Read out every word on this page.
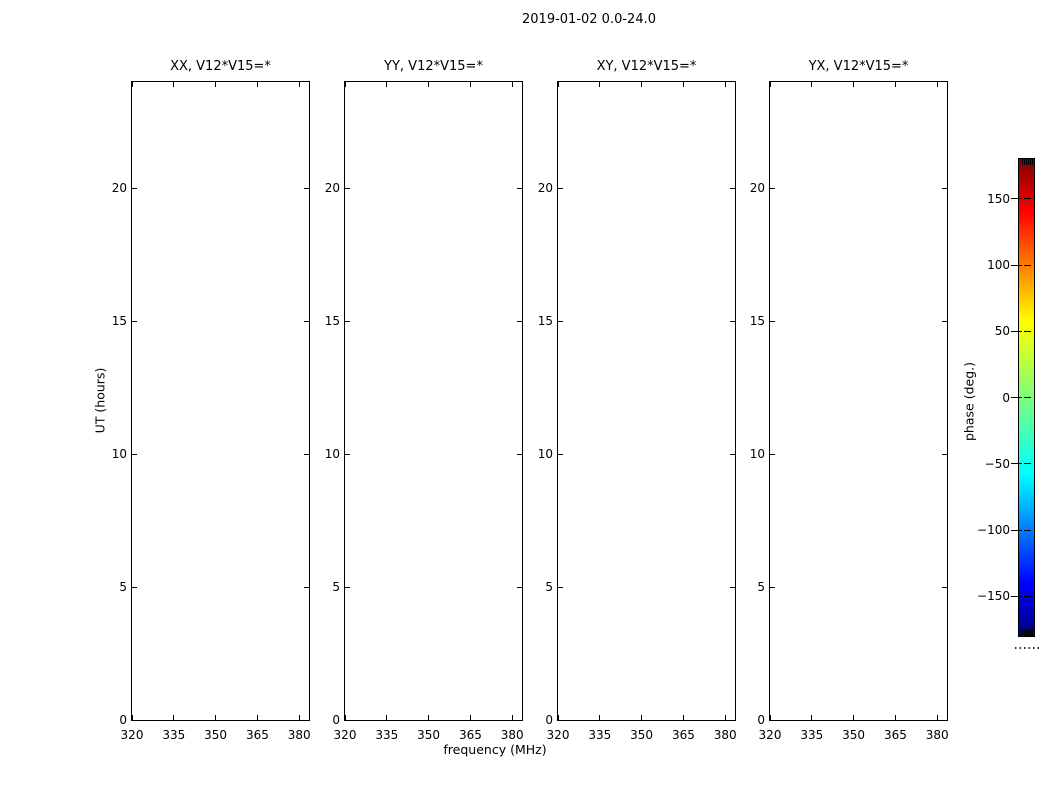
2019-01-02 0.0-24.0
XX, V12*V15=*
320 335 350 365 380
0
5
10
15
20
YY, V12*V15=*
320 335 350 365 380
0
5
10
15
20
XY, V12*V15=*
320 335 350 365 380
0
5
10
15
20
YX, V12*V15=*
320 335 350 365 380
0
5
10
15
20
UT (hours)
frequency (MHz)
phase (deg.)
150
100
50
0
−50
−100
−150
